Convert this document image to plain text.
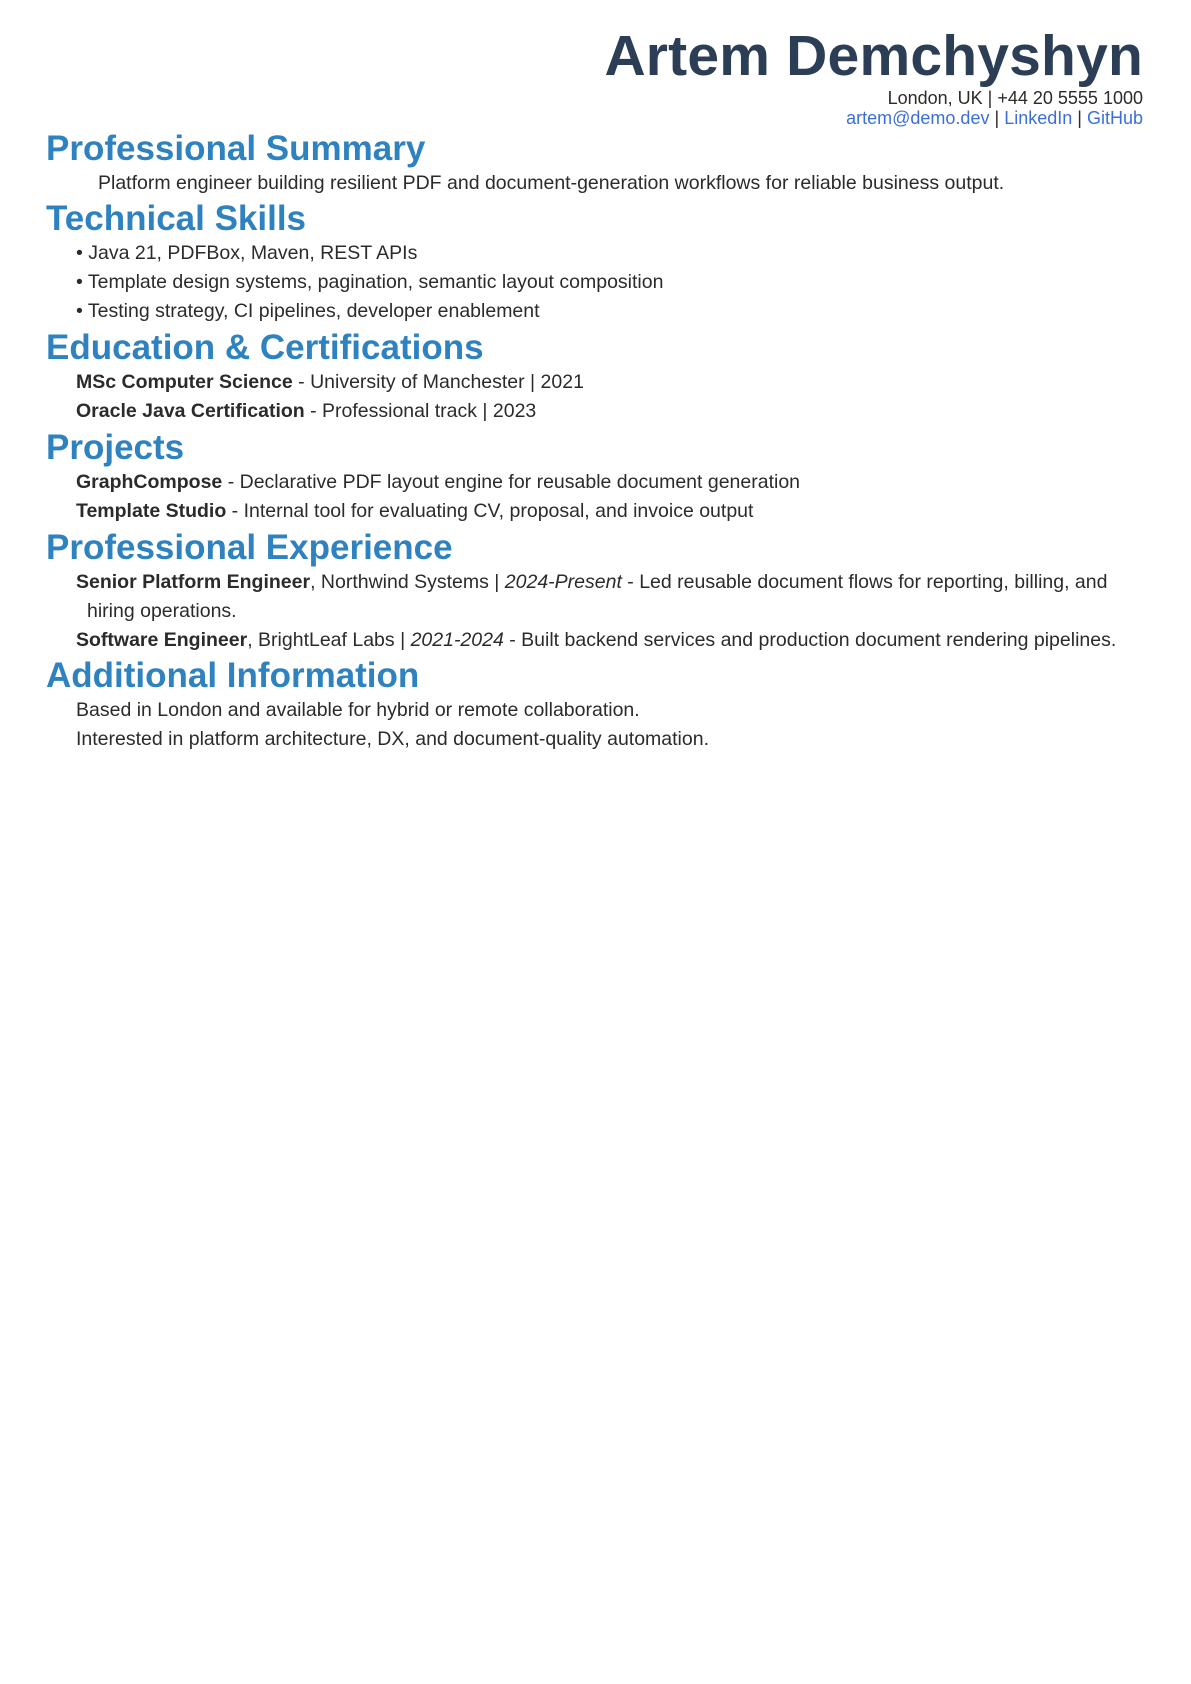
Artem Demchyshyn
London, UK | +44 20 5555 1000
artem@demo.dev | LinkedIn | GitHub
Professional Summary
Platform engineer building resilient PDF and document-generation workflows for reliable business output.
Technical Skills
• Java 21, PDFBox, Maven, REST APIs
• Template design systems, pagination, semantic layout composition
• Testing strategy, CI pipelines, developer enablement
Education & Certifications
MSc Computer Science - University of Manchester | 2021
Oracle Java Certification - Professional track | 2023
Projects
GraphCompose - Declarative PDF layout engine for reusable document generation
Template Studio - Internal tool for evaluating CV, proposal, and invoice output
Professional Experience
Senior Platform Engineer, Northwind Systems | 2024-Present - Led reusable document flows for reporting, billing, and
hiring operations.
Software Engineer, BrightLeaf Labs | 2021-2024 - Built backend services and production document rendering pipelines.
Additional Information
Based in London and available for hybrid or remote collaboration.
Interested in platform architecture, DX, and document-quality automation.
